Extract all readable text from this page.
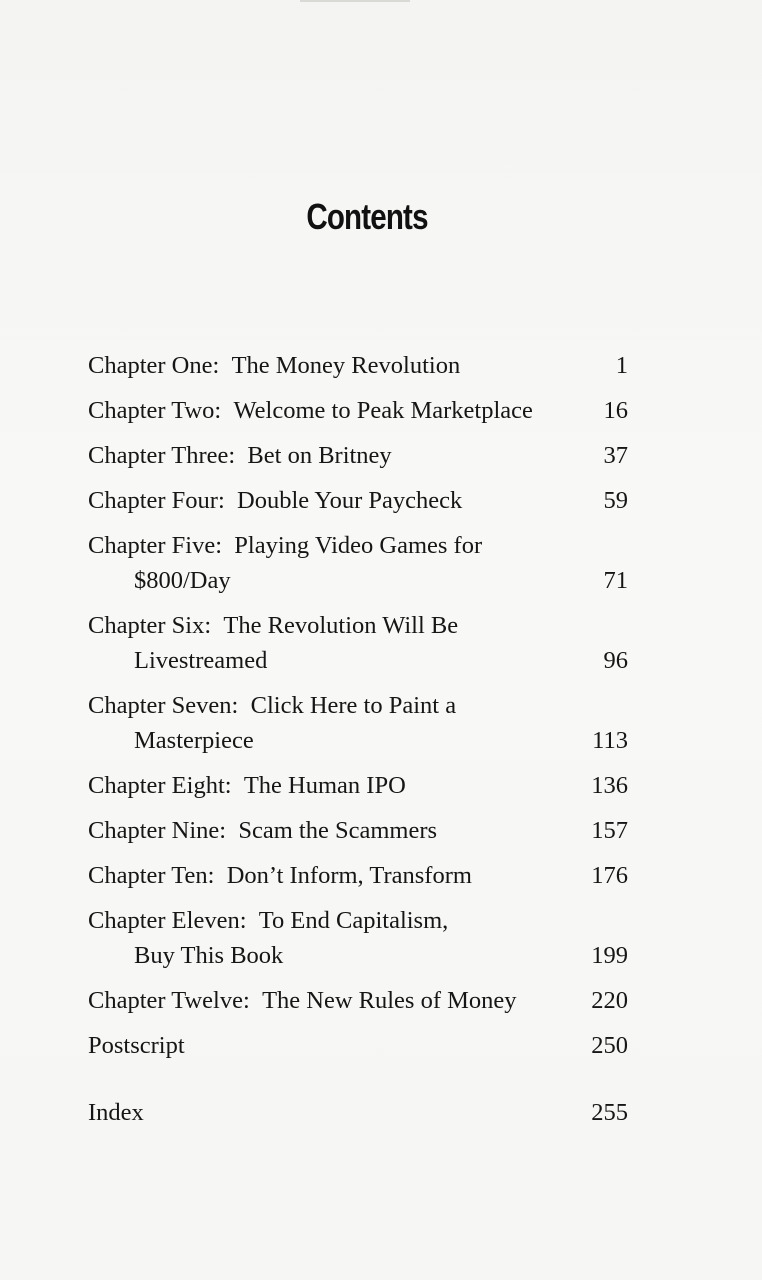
Contents
Chapter One: The Money Revolution	1
Chapter Two: Welcome to Peak Marketplace	16
Chapter Three: Bet on Britney	37
Chapter Four: Double Your Paycheck	59
Chapter Five: Playing Video Games for
$800/Day	71
Chapter Six: The Revolution Will Be
Livestreamed	96
Chapter Seven: Click Here to Paint a
Masterpiece	113
Chapter Eight: The Human IPO	136
Chapter Nine: Scam the Scammers	157
Chapter Ten: Don’t Inform, Transform	176
Chapter Eleven: To End Capitalism,
Buy This Book	199
Chapter Twelve: The New Rules of Money	220
Postscript	250
Index	255
